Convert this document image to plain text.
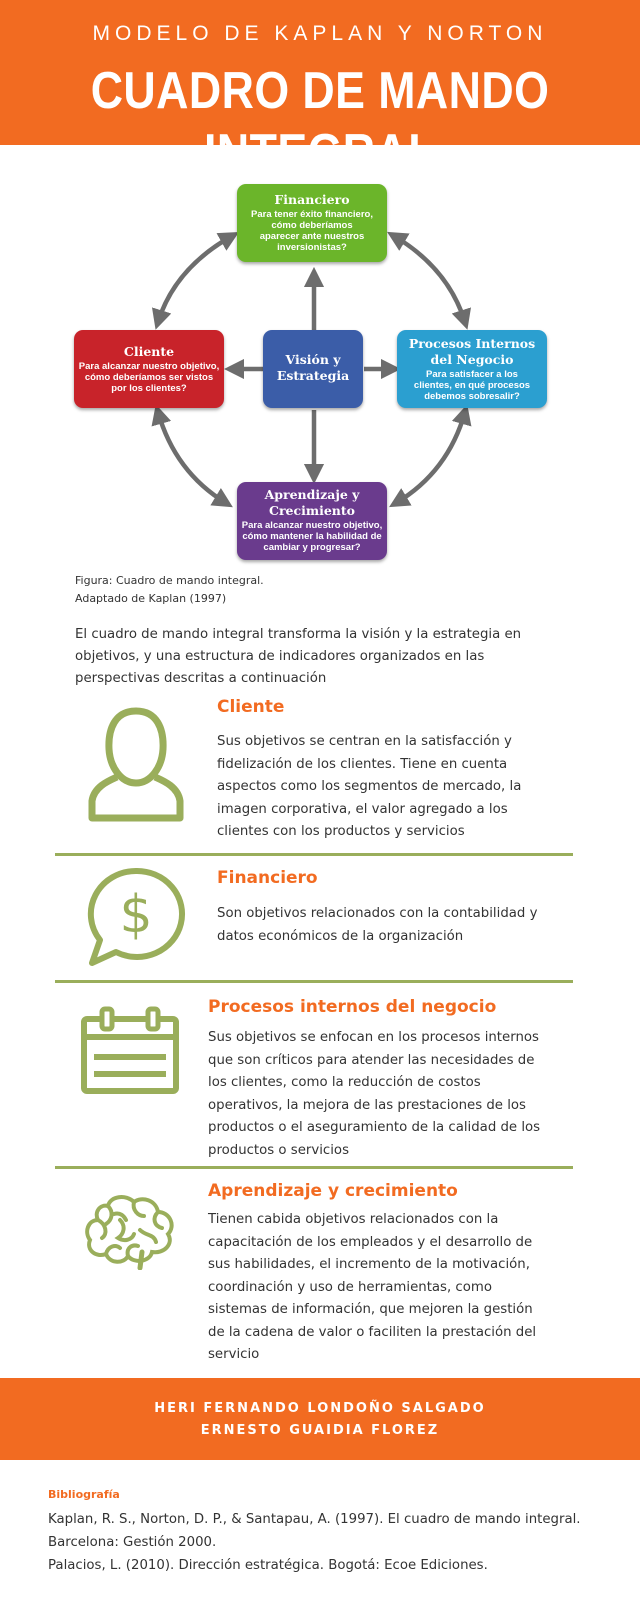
MODELO DE KAPLAN Y NORTON
CUADRO DE MANDO INTEGRAL
Financiero
Para tener éxito financiero, cómo deberíamos aparecer ante nuestros inversionistas?
Cliente
Para alcanzar nuestro objetivo, cómo deberíamos ser vistos por los clientes?
Visión y Estrategia
Procesos Internos del Negocio
Para satisfacer a los clientes, en qué procesos debemos sobresalir?
Aprendizaje y Crecimiento
Para alcanzar nuestro objetivo, cómo mantener la habilidad de cambiar y progresar?
Figura: Cuadro de mando integral.
Adaptado de Kaplan (1997)
El cuadro de mando integral transforma la visión y la estrategia en objetivos, y una estructura de indicadores organizados en las perspectivas descritas a continuación
Cliente
Sus objetivos se centran en la satisfacción y fidelización de los clientes. Tiene en cuenta aspectos como los segmentos de mercado, la imagen corporativa, el valor agregado a los clientes con los productos y servicios
$
Financiero
Son objetivos relacionados con la contabilidad y datos económicos de la organización
Procesos internos del negocio
Sus objetivos se enfocan en los procesos internos que son críticos para atender las necesidades de los clientes, como la reducción de costos operativos, la mejora de las prestaciones de los productos o el aseguramiento de la calidad de los productos o servicios
Aprendizaje y crecimiento
Tienen cabida objetivos relacionados con la capacitación de los empleados y el desarrollo de sus habilidades, el incremento de la motivación, coordinación y uso de herramientas, como sistemas de información, que mejoren la gestión de la cadena de valor o faciliten la prestación del servicio
HERI FERNANDO LONDOÑO SALGADO
ERNESTO GUAIDIA FLOREZ
Bibliografía
Kaplan, R. S., Norton, D. P., & Santapau, A. (1997). El cuadro de mando integral. Barcelona: Gestión 2000.
Palacios, L. (2010). Dirección estratégica. Bogotá: Ecoe Ediciones.
